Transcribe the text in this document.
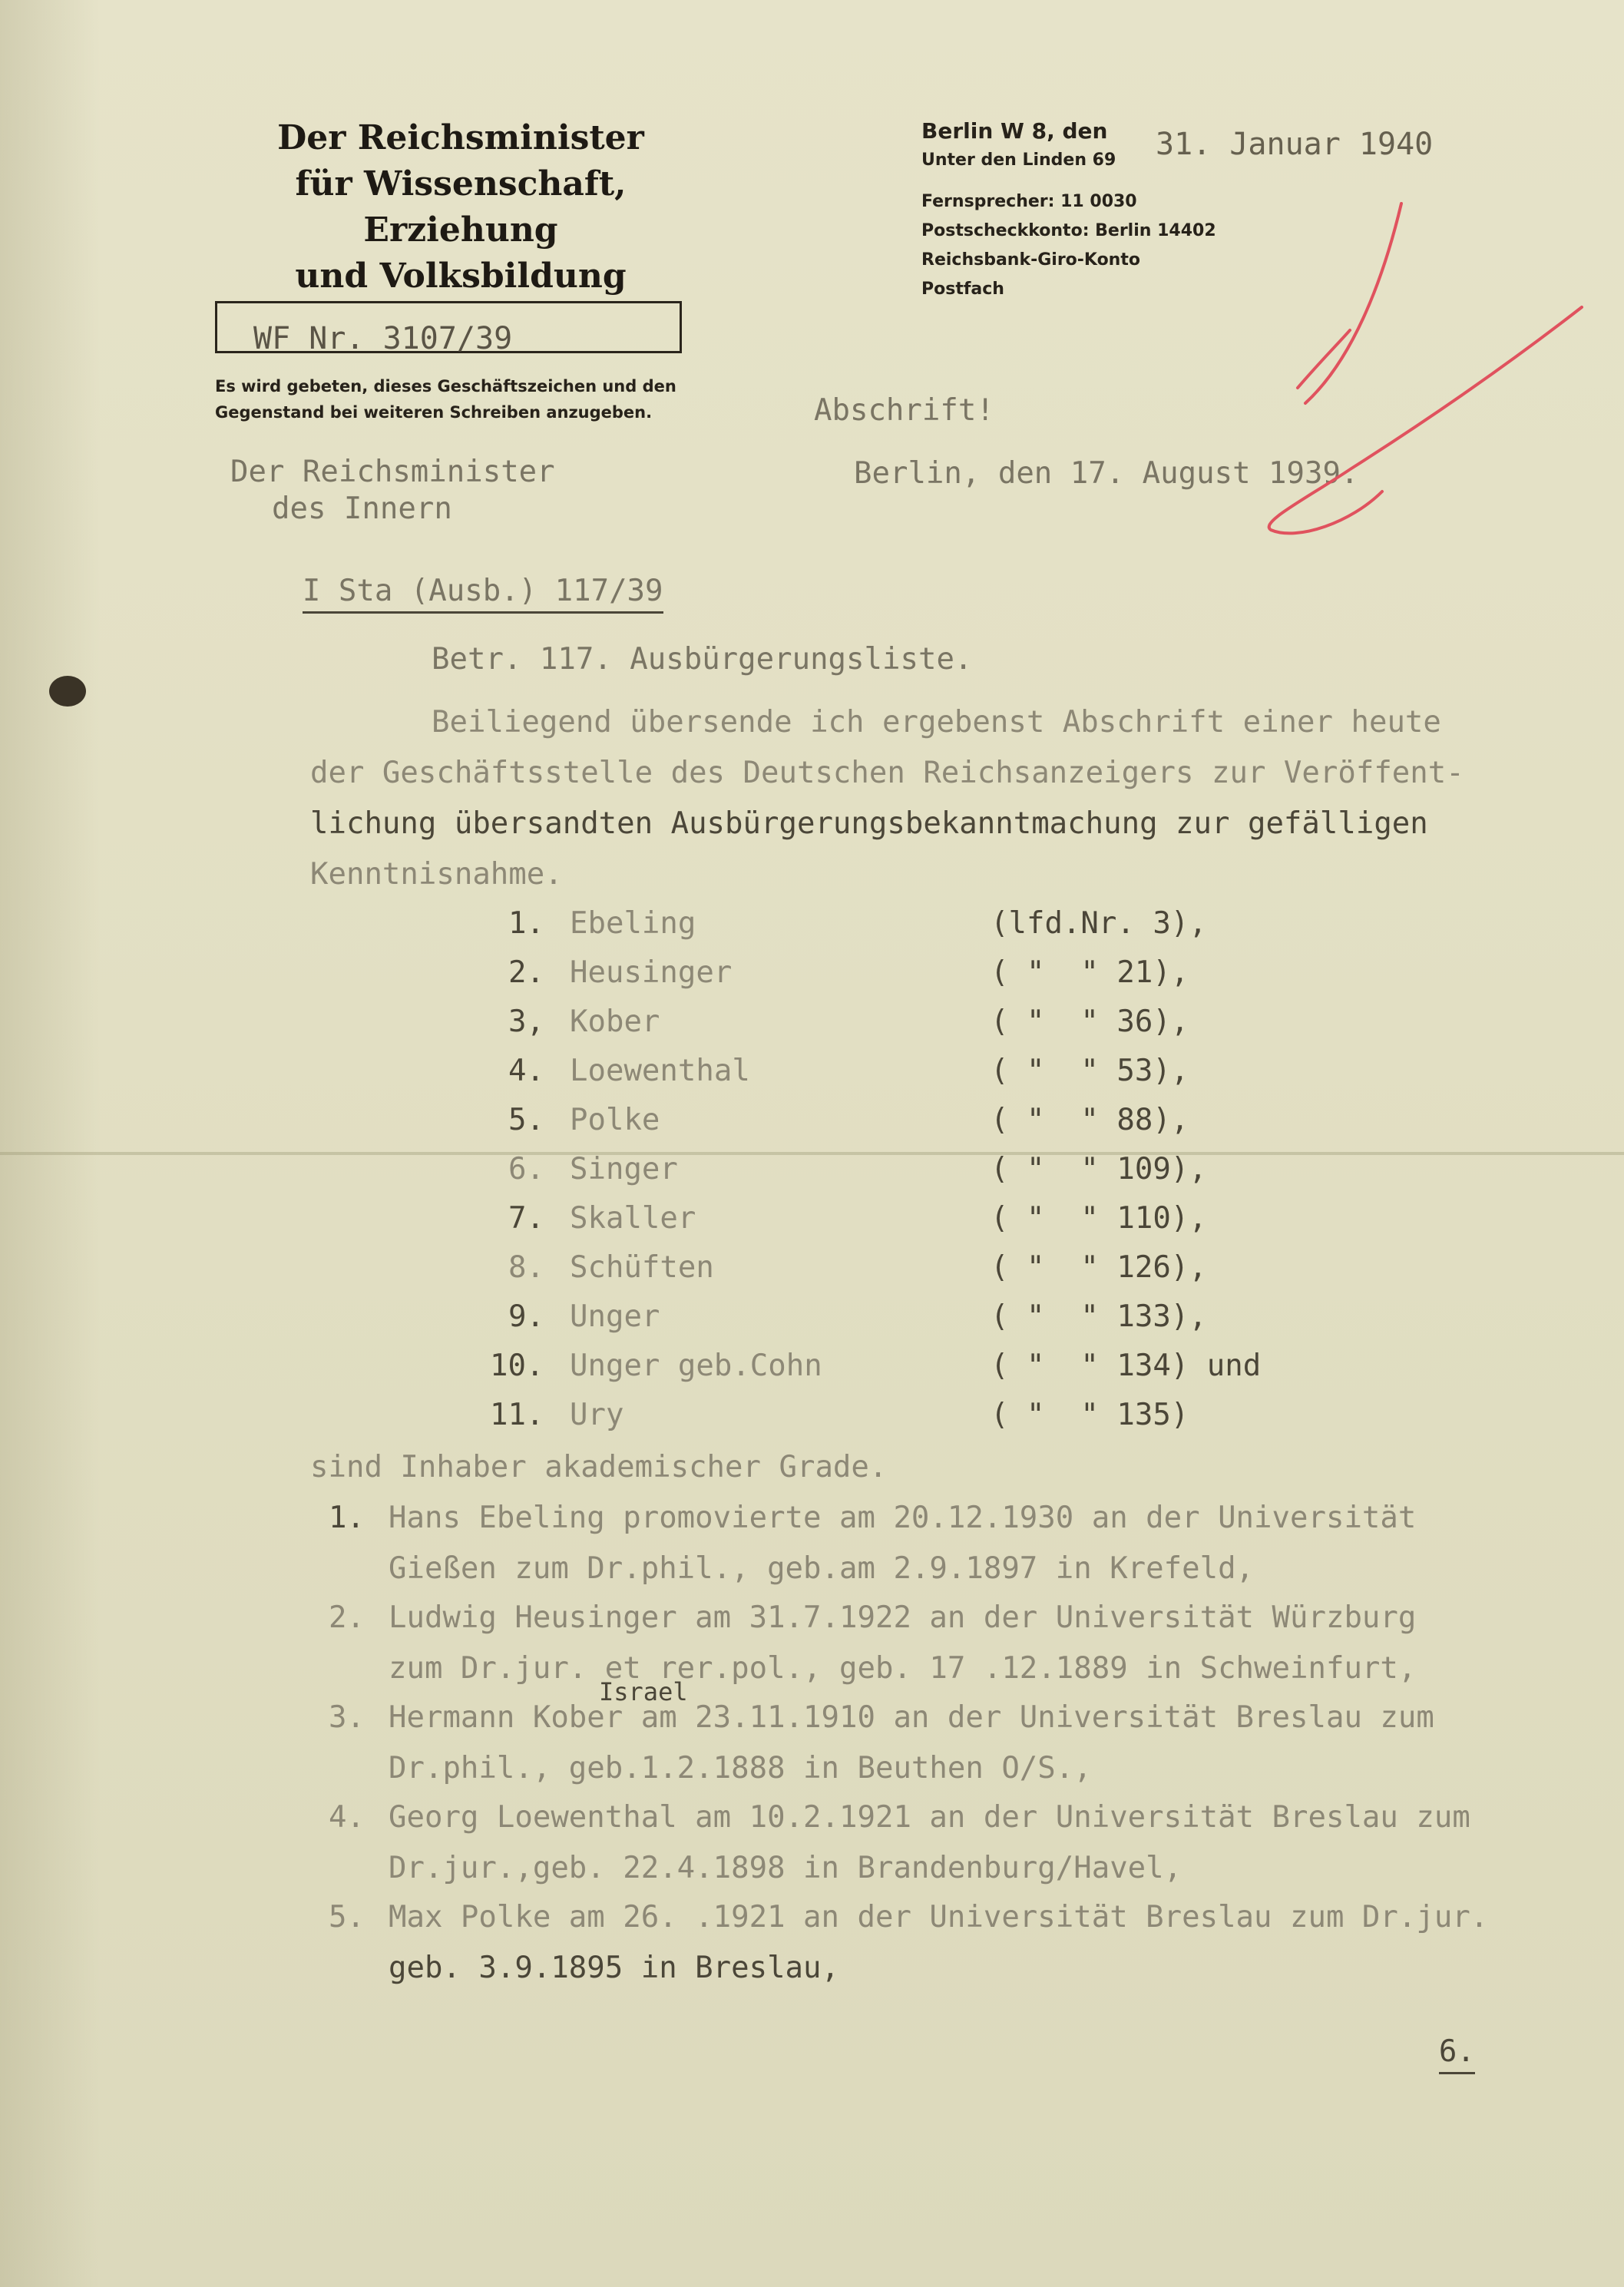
Der Reichsminister
für Wissenschaft, Erziehung
und Volksbildung
WF Nr. 3107/39
Es wird gebeten, dieses Geschäftszeichen und den
Gegenstand bei weiteren Schreiben anzugeben.
Berlin W 8, den
Unter den Linden 69
Fernsprecher: 11 0030
Postscheckkonto: Berlin 14402
Reichsbank-Giro-Konto
Postfach
31. Januar 1940
Abschrift!
Der Reichsminister
des Innern

I Sta (Ausb.) 117/39

Berlin, den 17. August 1939.
Betr. 117. Ausbürgerungsliste.
Beiliegend übersende ich ergebenst Abschrift einer heute
der Geschäftsstelle des Deutschen Reichsanzeigers zur Veröffent-
lichung übersandten Ausbürgerungsbekanntmachung zur gefälligen
Kenntnisnahme.
1. Ebeling	(lfd.Nr. 3),
2. Heusinger	( "  " 21),
3, Kober	( "  " 36),
4. Loewenthal	( "  " 53),
5. Polke	( "  " 88),
6. Singer	( "  " 109),
7. Skaller	( "  " 110),
8. Schüften	( "  " 126),
9. Unger	( "  " 133),
10. Unger geb.Cohn	( "  " 134) und
11. Ury	( "  " 135)
sind Inhaber akademischer Grade.
1. Hans Ebeling promovierte am 20.12.1930 an der Universität
Gießen zum Dr.phil., geb.am 2.9.1897 in Krefeld,
2. Ludwig Heusinger am 31.7.1922 an der Universität Würzburg
zum Dr.jur. et rer.pol., geb. 17 .12.1889 in Schweinfurt,
Israel
3. Hermann Kober am 23.11.1910 an der Universität Breslau zum
Dr.phil., geb.1.2.1888 in Beuthen O/S.,
4. Georg Loewenthal am 10.2.1921 an der Universität Breslau zum
Dr.jur.,geb. 22.4.1898 in Brandenburg/Havel,
5. Max Polke am 26. .1921 an der Universität Breslau zum Dr.jur.
geb. 3.9.1895 in Breslau,

6.
